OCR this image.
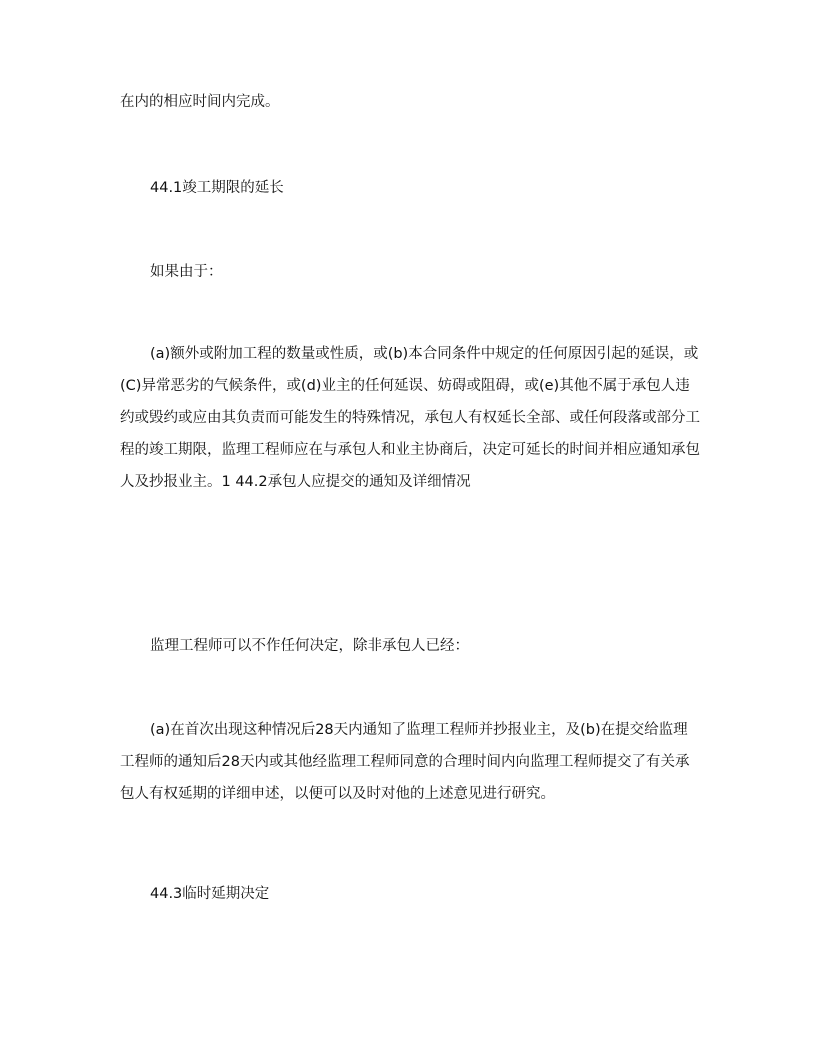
在内的相应时间内完成。

44.1竣工期限的延长

如果由于：

(a)额外或附加工程的数量或性质，或(b)本合同条件中规定的任何原因引起的延误，或(C)异常恶劣的气候条件，或(d)业主的任何延误、妨碍或阻碍，或(e)其他不属于承包人违约或毁约或应由其负责而可能发生的特殊情况，承包人有权延长全部、或任何段落或部分工程的竣工期限，监理工程师应在与承包人和业主协商后，决定可延长的时间并相应通知承包人及抄报业主。1 44.2承包人应提交的通知及详细情况

监理工程师可以不作任何决定，除非承包人已经：

(a)在首次出现这种情况后28天内通知了监理工程师并抄报业主，及(b)在提交给监理工程师的通知后28天内或其他经监理工程师同意的合理时间内向监理工程师提交了有关承包人有权延期的详细申述，以便可以及时对他的上述意见进行研究。

44.3临时延期决定
